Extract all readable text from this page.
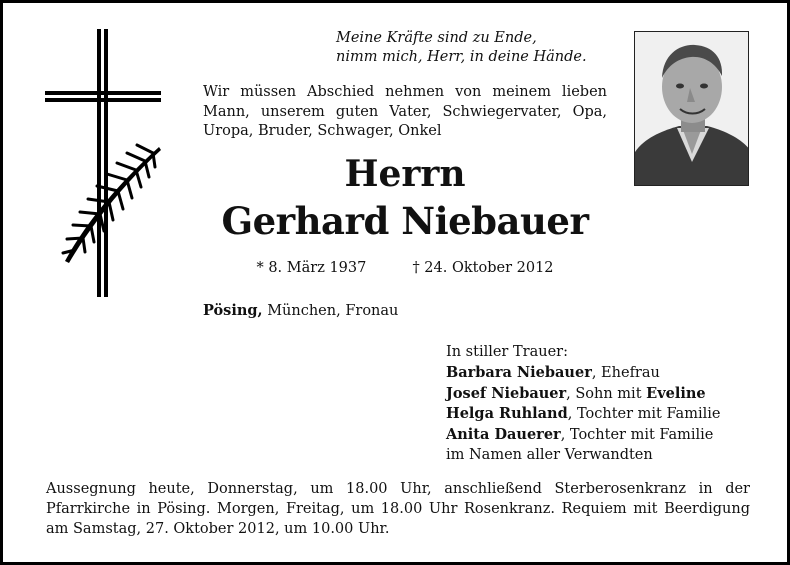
Meine Kräfte sind zu Ende,
nimm mich, Herr, in deine Hände.
Wir müssen Abschied nehmen von meinem lieben Mann, unserem guten Vater, Schwiegervater, Opa, Uropa, Bruder, Schwager, Onkel
Herrn
Gerhard Niebauer
* 8. März 1937	† 24. Oktober 2012
Pösing, München, Fronau
In stiller Trauer:
Barbara Niebauer, Ehefrau
Josef Niebauer, Sohn mit Eveline
Helga Ruhland, Tochter mit Familie
Anita Dauerer, Tochter mit Familie
im Namen aller Verwandten
Aussegnung heute, Donnerstag, um 18.00 Uhr, anschließend Sterberosenkranz in der Pfarrkirche in Pösing. Morgen, Freitag, um 18.00 Uhr Rosenkranz. Requiem mit Beerdigung am Samstag, 27. Oktober 2012, um 10.00 Uhr.
